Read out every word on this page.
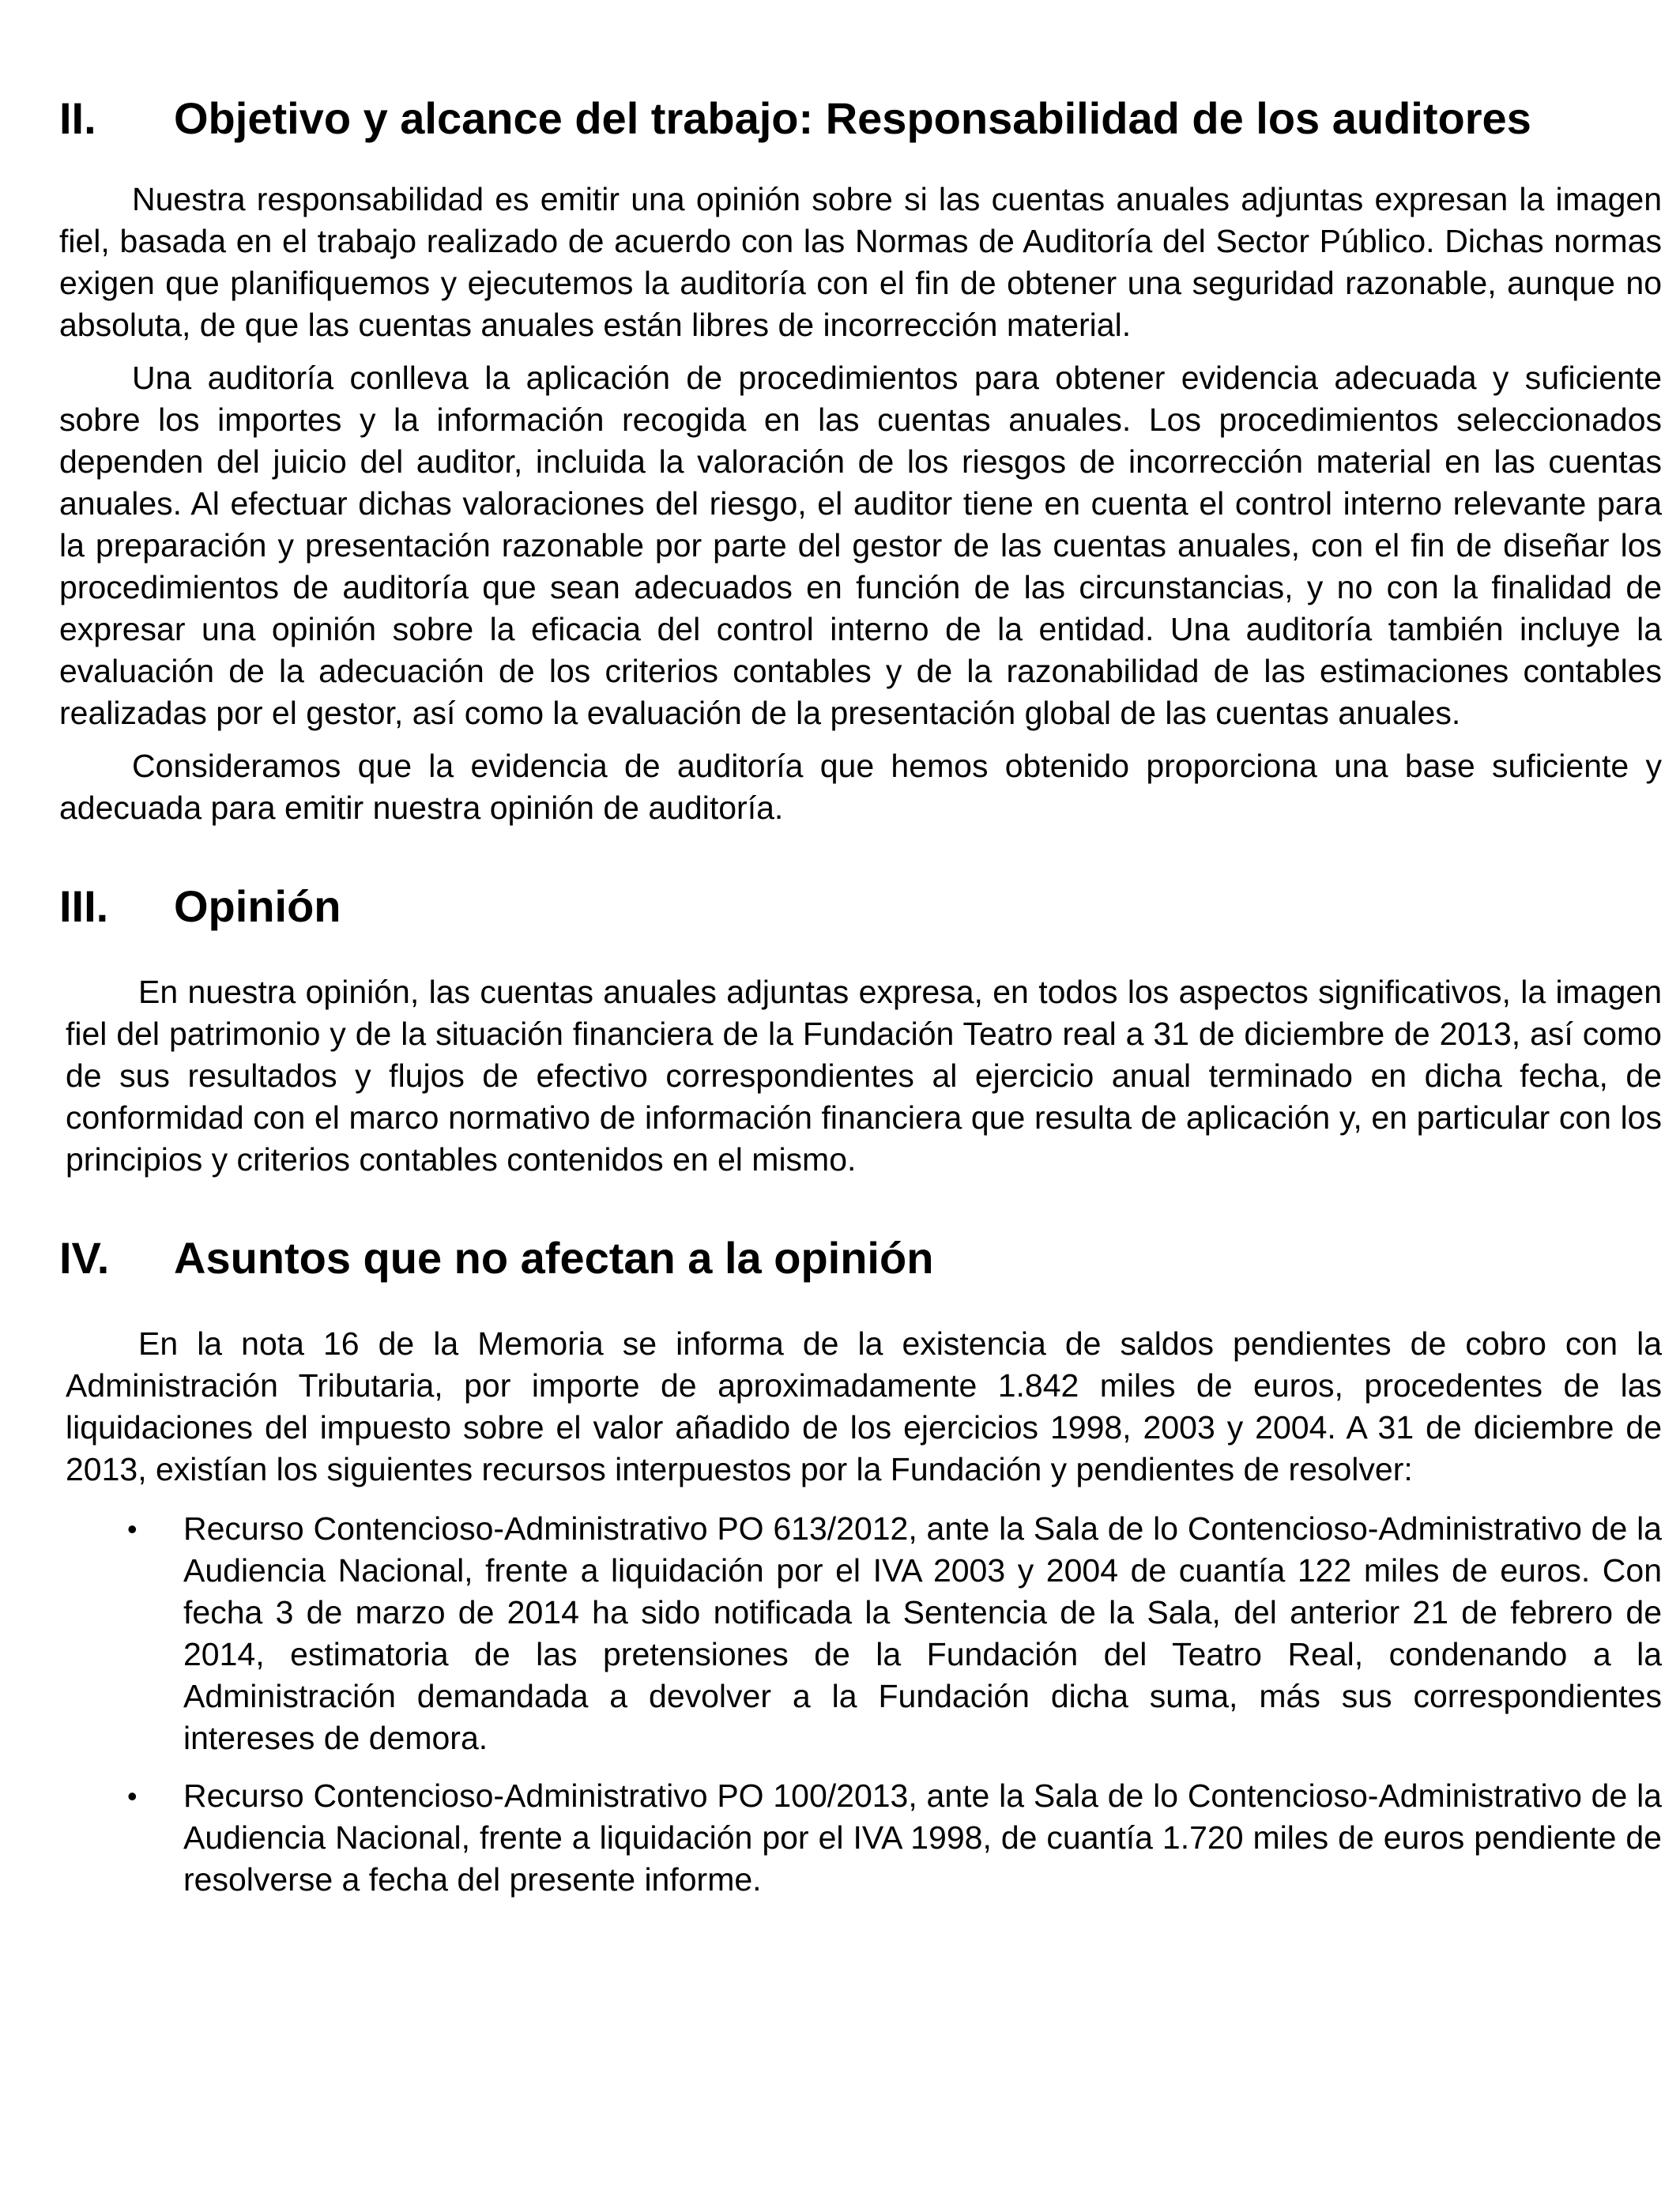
II.	Objetivo y alcance del trabajo: Responsabilidad de los auditores

Nuestra responsabilidad es emitir una opinión sobre si las cuentas anuales adjuntas expresan la imagen fiel, basada en el trabajo realizado de acuerdo con las Normas de Auditoría del Sector Público. Dichas normas exigen que planifiquemos y ejecutemos la auditoría con el fin de obtener una seguridad razonable, aunque no absoluta, de que las cuentas anuales están libres de incorrección material.

Una auditoría conlleva la aplicación de procedimientos para obtener evidencia adecuada y suficiente sobre los importes y la información recogida en las cuentas anuales. Los procedimientos seleccionados dependen del juicio del auditor, incluida la valoración de los riesgos de incorrección material en las cuentas anuales. Al efectuar dichas valoraciones del riesgo, el auditor tiene en cuenta el control interno relevante para la preparación y presentación razonable por parte del gestor de las cuentas anuales, con el fin de diseñar los procedimientos de auditoría que sean adecuados en función de las circunstancias, y no con la finalidad de expresar una opinión sobre la eficacia del control interno de la entidad. Una auditoría también incluye la evaluación de la adecuación de los criterios contables y de la razonabilidad de las estimaciones contables realizadas por el gestor, así como la evaluación de la presentación global de las cuentas anuales.

Consideramos que la evidencia de auditoría que hemos obtenido proporciona una base suficiente y adecuada para emitir nuestra opinión de auditoría.

III.	Opinión

En nuestra opinión, las cuentas anuales adjuntas expresa, en todos los aspectos significativos, la imagen fiel del patrimonio y de la situación financiera de la Fundación Teatro real a 31 de diciembre de 2013, así como de sus resultados y flujos de efectivo correspondientes al ejercicio anual terminado en dicha fecha, de conformidad con el marco normativo de información financiera que resulta de aplicación y, en particular con los principios y criterios contables contenidos en el mismo.

IV.	Asuntos que no afectan a la opinión

En la nota 16 de la Memoria se informa de la existencia de saldos pendientes de cobro con la Administración Tributaria, por importe de aproximadamente 1.842 miles de euros, procedentes de las liquidaciones del impuesto sobre el valor añadido de los ejercicios 1998, 2003 y 2004. A 31 de diciembre de 2013, existían los siguientes recursos interpuestos por la Fundación y pendientes de resolver:

• Recurso Contencioso-Administrativo PO 613/2012, ante la Sala de lo Contencioso-Administrativo de la Audiencia Nacional, frente a liquidación por el IVA 2003 y 2004 de cuantía 122 miles de euros. Con fecha 3 de marzo de 2014 ha sido notificada la Sentencia de la Sala, del anterior 21 de febrero de 2014, estimatoria de las pretensiones de la Fundación del Teatro Real, condenando a la Administración demandada a devolver a la Fundación dicha suma, más sus correspondientes intereses de demora.
• Recurso Contencioso-Administrativo PO 100/2013, ante la Sala de lo Contencioso-Administrativo de la Audiencia Nacional, frente a liquidación por el IVA 1998, de cuantía 1.720 miles de euros pendiente de resolverse a fecha del presente informe.
